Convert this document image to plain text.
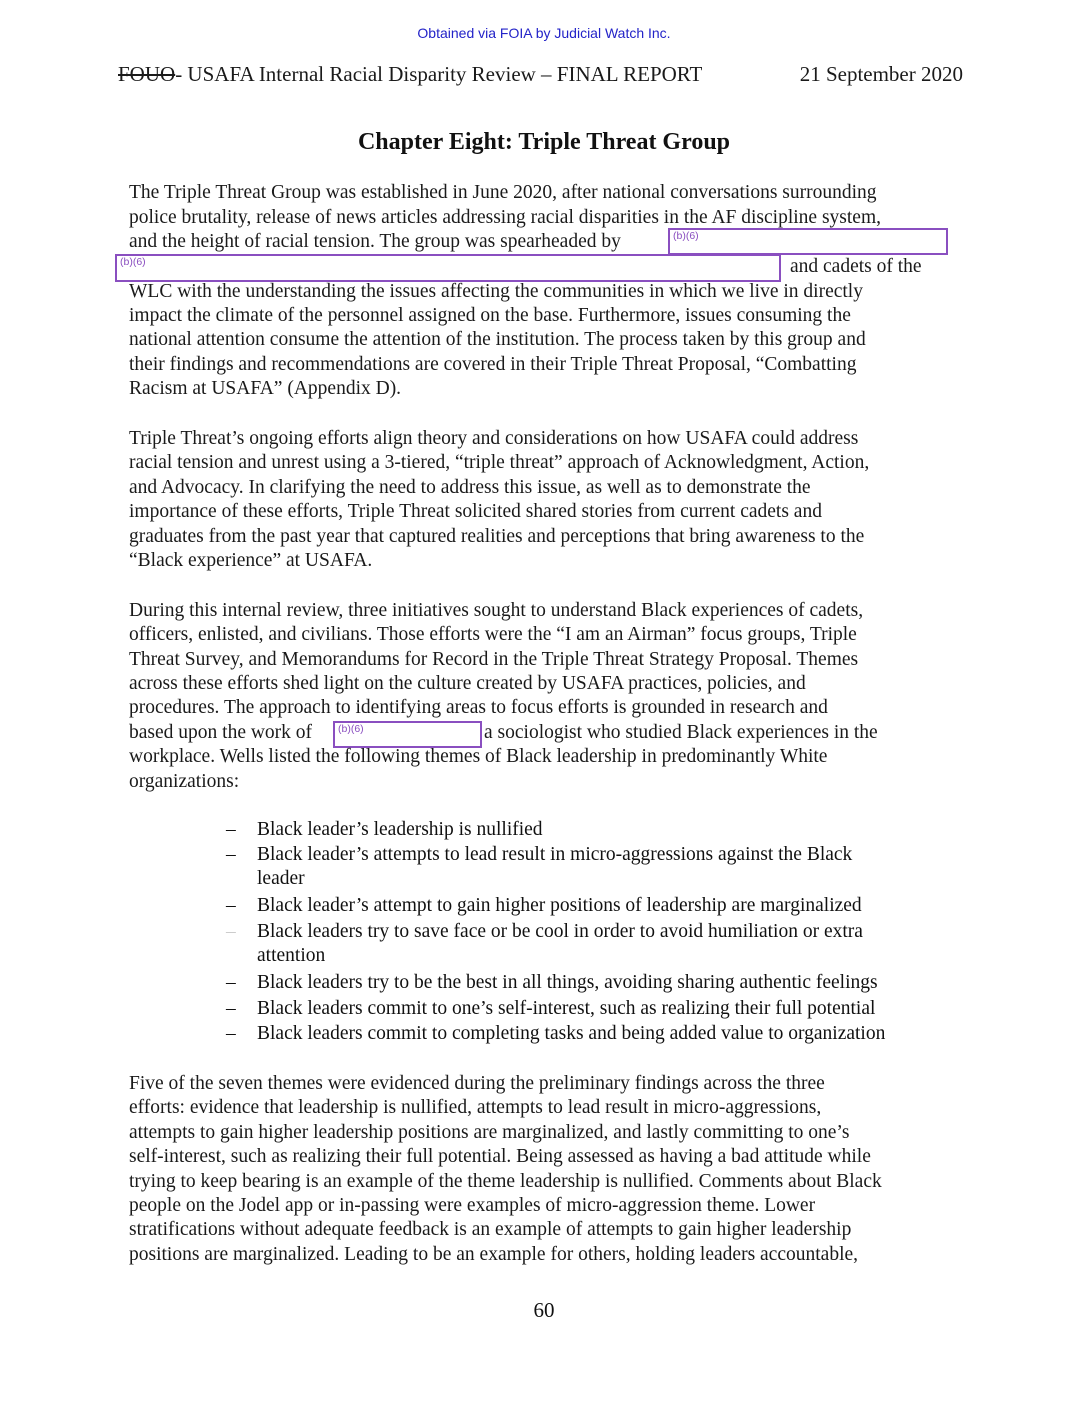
Obtained via FOIA by Judicial Watch Inc.
FOUO- USAFA Internal Racial Disparity Review – FINAL REPORT	21 September 2020
Chapter Eight: Triple Threat Group
The Triple Threat Group was established in June 2020, after national conversations surrounding
police brutality, release of news articles addressing racial disparities in the AF discipline system,
and the height of racial tension. The group was spearheaded by	(b)(6)
(b)(6)	and cadets of the
WLC with the understanding the issues affecting the communities in which we live in directly
impact the climate of the personnel assigned on the base. Furthermore, issues consuming the
national attention consume the attention of the institution. The process taken by this group and
their findings and recommendations are covered in their Triple Threat Proposal, “Combatting
Racism at USAFA” (Appendix D).
Triple Threat’s ongoing efforts align theory and considerations on how USAFA could address
racial tension and unrest using a 3-tiered, “triple threat” approach of Acknowledgment, Action,
and Advocacy. In clarifying the need to address this issue, as well as to demonstrate the
importance of these efforts, Triple Threat solicited shared stories from current cadets and
graduates from the past year that captured realities and perceptions that bring awareness to the
“Black experience” at USAFA.
During this internal review, three initiatives sought to understand Black experiences of cadets,
officers, enlisted, and civilians. Those efforts were the “I am an Airman” focus groups, Triple
Threat Survey, and Memorandums for Record in the Triple Threat Strategy Proposal. Themes
across these efforts shed light on the culture created by USAFA practices, policies, and
procedures. The approach to identifying areas to focus efforts is grounded in research and
based upon the work of (b)(6)	a sociologist who studied Black experiences in the
workplace. Wells listed the following themes of Black leadership in predominantly White
organizations:
– Black leader’s leadership is nullified
– Black leader’s attempts to lead result in micro-aggressions against the Black
leader
– Black leader’s attempt to gain higher positions of leadership are marginalized
– Black leaders try to save face or be cool in order to avoid humiliation or extra
attention
– Black leaders try to be the best in all things, avoiding sharing authentic feelings
– Black leaders commit to one’s self-interest, such as realizing their full potential
– Black leaders commit to completing tasks and being added value to organization
Five of the seven themes were evidenced during the preliminary findings across the three
efforts: evidence that leadership is nullified, attempts to lead result in micro-aggressions,
attempts to gain higher leadership positions are marginalized, and lastly committing to one’s
self-interest, such as realizing their full potential. Being assessed as having a bad attitude while
trying to keep bearing is an example of the theme leadership is nullified. Comments about Black
people on the Jodel app or in-passing were examples of micro-aggression theme. Lower
stratifications without adequate feedback is an example of attempts to gain higher leadership
positions are marginalized. Leading to be an example for others, holding leaders accountable,
60
